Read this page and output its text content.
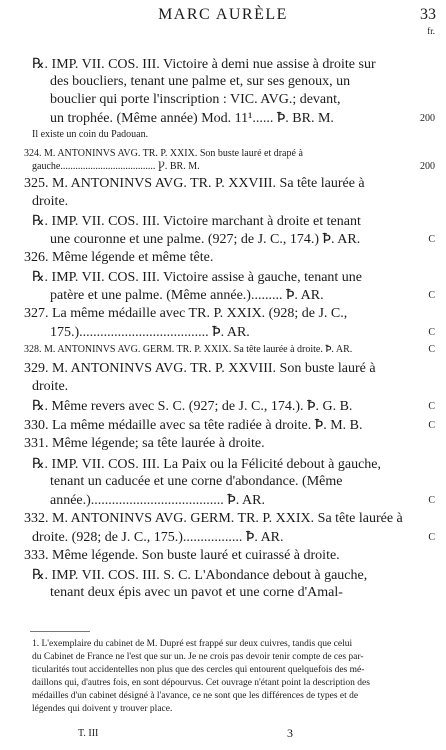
MARC AURÈLE	33
fr.
℞. IMP. VII. COS. III. Victoire à demi nue assise à droite sur
des boucliers, tenant une palme et, sur ses genoux, un
bouclier qui porte l'inscription : VIC. AVG.; devant,
un trophée. (Même année) Mod. 11¹...... Ꝥ. BR. M.	200
Il existe un coin du Padouan.
324. M. ANTONINVS AVG. TR. P. XXIX. Son buste lauré et drapé à
gauche...................................... Ꝩ. BR. M.	200
325. M. ANTONINVS AVG. TR. P. XXVIII. Sa tête laurée à
droite.
℞. IMP. VII. COS. III. Victoire marchant à droite et tenant
une couronne et une palme. (927; de J. C., 174.) Ꝥ. AR.	C
326. Même légende et même tête.
℞. IMP. VII. COS. III. Victoire assise à gauche, tenant une
patère et une palme. (Même année.)......... Ꝥ. AR.	C
327. La même médaille avec TR. P. XXIX. (928; de J. C.,
175.)..................................... Ꝥ. AR.	C
328. M. ANTONINVS AVG. GERM. TR. P. XXIX. Sa tête laurée à droite. Ꝥ. AR.	C
329. M. ANTONINVS AVG. TR. P. XXVIII. Son buste lauré à
droite.
℞. Même revers avec S. C. (927; de J. C., 174.). Ꝥ. G. B.	C
330. La même médaille avec sa tête radiée à droite. Ꝥ. M. B.	C
331. Même légende; sa tête laurée à droite.
℞. IMP. VII. COS. III. La Paix ou la Félicité debout à gauche,
tenant un caducée et une corne d'abondance. (Même
année.)...................................... Ꝥ. AR.	C
332. M. ANTONINVS AVG. GERM. TR. P. XXIX. Sa tête laurée à
droite. (928; de J. C., 175.)................. Ꝥ. AR.	C
333. Même légende. Son buste lauré et cuirassé à droite.
℞. IMP. VII. COS. III. S. C. L'Abondance debout à gauche,
tenant deux épis avec un pavot et une corne d'Amal-
1. L'exemplaire du cabinet de M. Dupré est frappé sur deux cuivres, tandis que celui
du Cabinet de France ne l'est que sur un. Je ne crois pas devoir tenir compte de ces par-
ticularités tout accidentelles non plus que des cercles qui entourent quelquefois des mé-
daillons qui, d'autres fois, en sont dépourvus. Cet ouvrage n'étant point la description des
médailles d'un cabinet désigné à l'avance, ce ne sont que les différences de types et de
légendes qui doivent y trouver place.
T. III	3
